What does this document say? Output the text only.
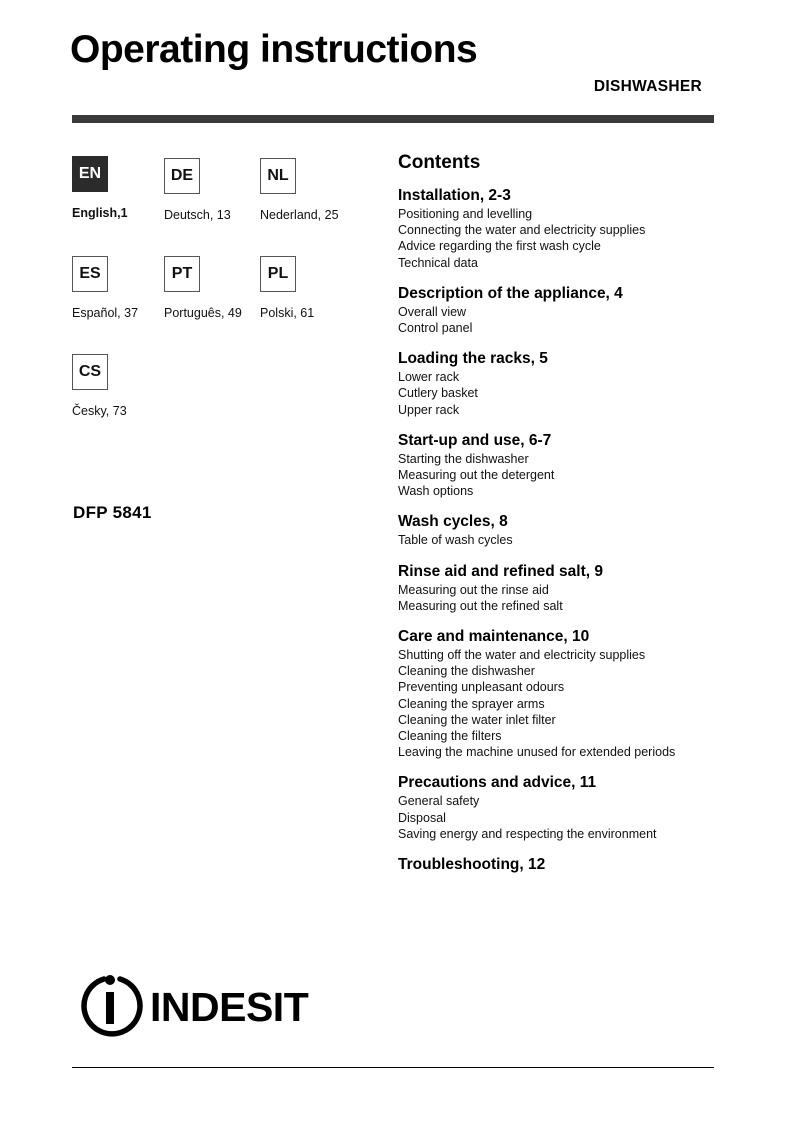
Operating instructions
DISHWASHER
EN
English,1
DE
Deutsch, 13
NL
Nederland, 25
ES
Español, 37
PT
Português, 49
PL
Polski, 61
CS
Česky, 73
DFP 5841
Contents
Installation, 2-3
Positioning and levelling
Connecting the water and electricity supplies
Advice regarding the first wash cycle
Technical data
Description of the appliance, 4
Overall view
Control panel
Loading the racks, 5
Lower rack
Cutlery basket
Upper rack
Start-up and use, 6-7
Starting the dishwasher
Measuring out the detergent
Wash options
Wash cycles, 8
Table of wash cycles
Rinse aid and refined salt, 9
Measuring out the rinse aid
Measuring out the refined salt
Care and maintenance, 10
Shutting off the water and electricity supplies
Cleaning the dishwasher
Preventing unpleasant odours
Cleaning the sprayer arms
Cleaning the water inlet filter
Cleaning the filters
Leaving the machine unused for extended periods
Precautions and advice, 11
General safety
Disposal
Saving energy and respecting the environment
Troubleshooting, 12
INDESIT
